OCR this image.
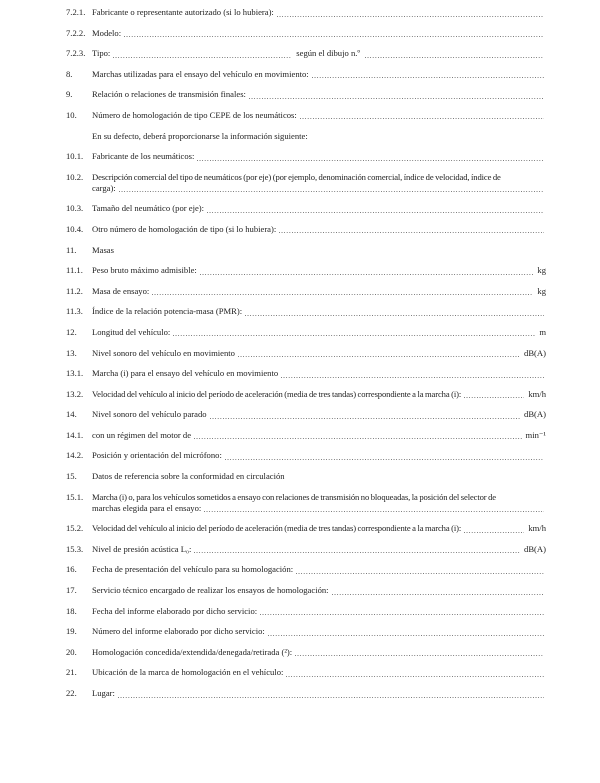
7.2.1. Fabricante o representante autorizado (si lo hubiera):
7.2.2. Modelo:
7.2.3. Tipo:	según el dibujo n.º
8.	Marchas utilizadas para el ensayo del vehículo en movimiento:
9.	Relación o relaciones de transmisión finales:
10.	Número de homologación de tipo CEPE de los neumáticos:
En su defecto, deberá proporcionarse la información siguiente:
10.1.	Fabricante de los neumáticos:
10.2.	Descripción comercial del tipo de neumáticos (por eje) (por ejemplo, denominación comercial, índice de velocidad, índice de
carga):
10.3.	Tamaño del neumático (por eje):
10.4.	Otro número de homologación de tipo (si lo hubiera):
11.	Masas
11.1.	Peso bruto máximo admisible:	kg
11.2.	Masa de ensayo:	kg
11.3.	Índice de la relación potencia-masa (PMR):
12.	Longitud del vehículo:	m
13.	Nivel sonoro del vehículo en movimiento	dB(A)
13.1.	Marcha (i) para el ensayo del vehículo en movimiento
13.2.	Velocidad del vehículo al inicio del período de aceleración (media de tres tandas) correspondiente a la marcha (i):	km/h
14.	Nivel sonoro del vehículo parado	dB(A)
14.1.	con un régimen del motor de	min⁻¹
14.2.	Posición y orientación del micrófono:
15.	Datos de referencia sobre la conformidad en circulación
15.1.	Marcha (i) o, para los vehículos sometidos a ensayo con relaciones de transmisión no bloqueadas, la posición del selector de
marchas elegida para el ensayo:
15.2.	Velocidad del vehículo al inicio del período de aceleración (media de tres tandas) correspondiente a la marcha (i):	km/h
15.3.	Nivel de presión acústica L₀:	dB(A)
16.	Fecha de presentación del vehículo para su homologación:
17.	Servicio técnico encargado de realizar los ensayos de homologación:
18.	Fecha del informe elaborado por dicho servicio:
19.	Número del informe elaborado por dicho servicio:
20.	Homologación concedida/extendida/denegada/retirada (²):
21.	Ubicación de la marca de homologación en el vehículo:
22.	Lugar:
